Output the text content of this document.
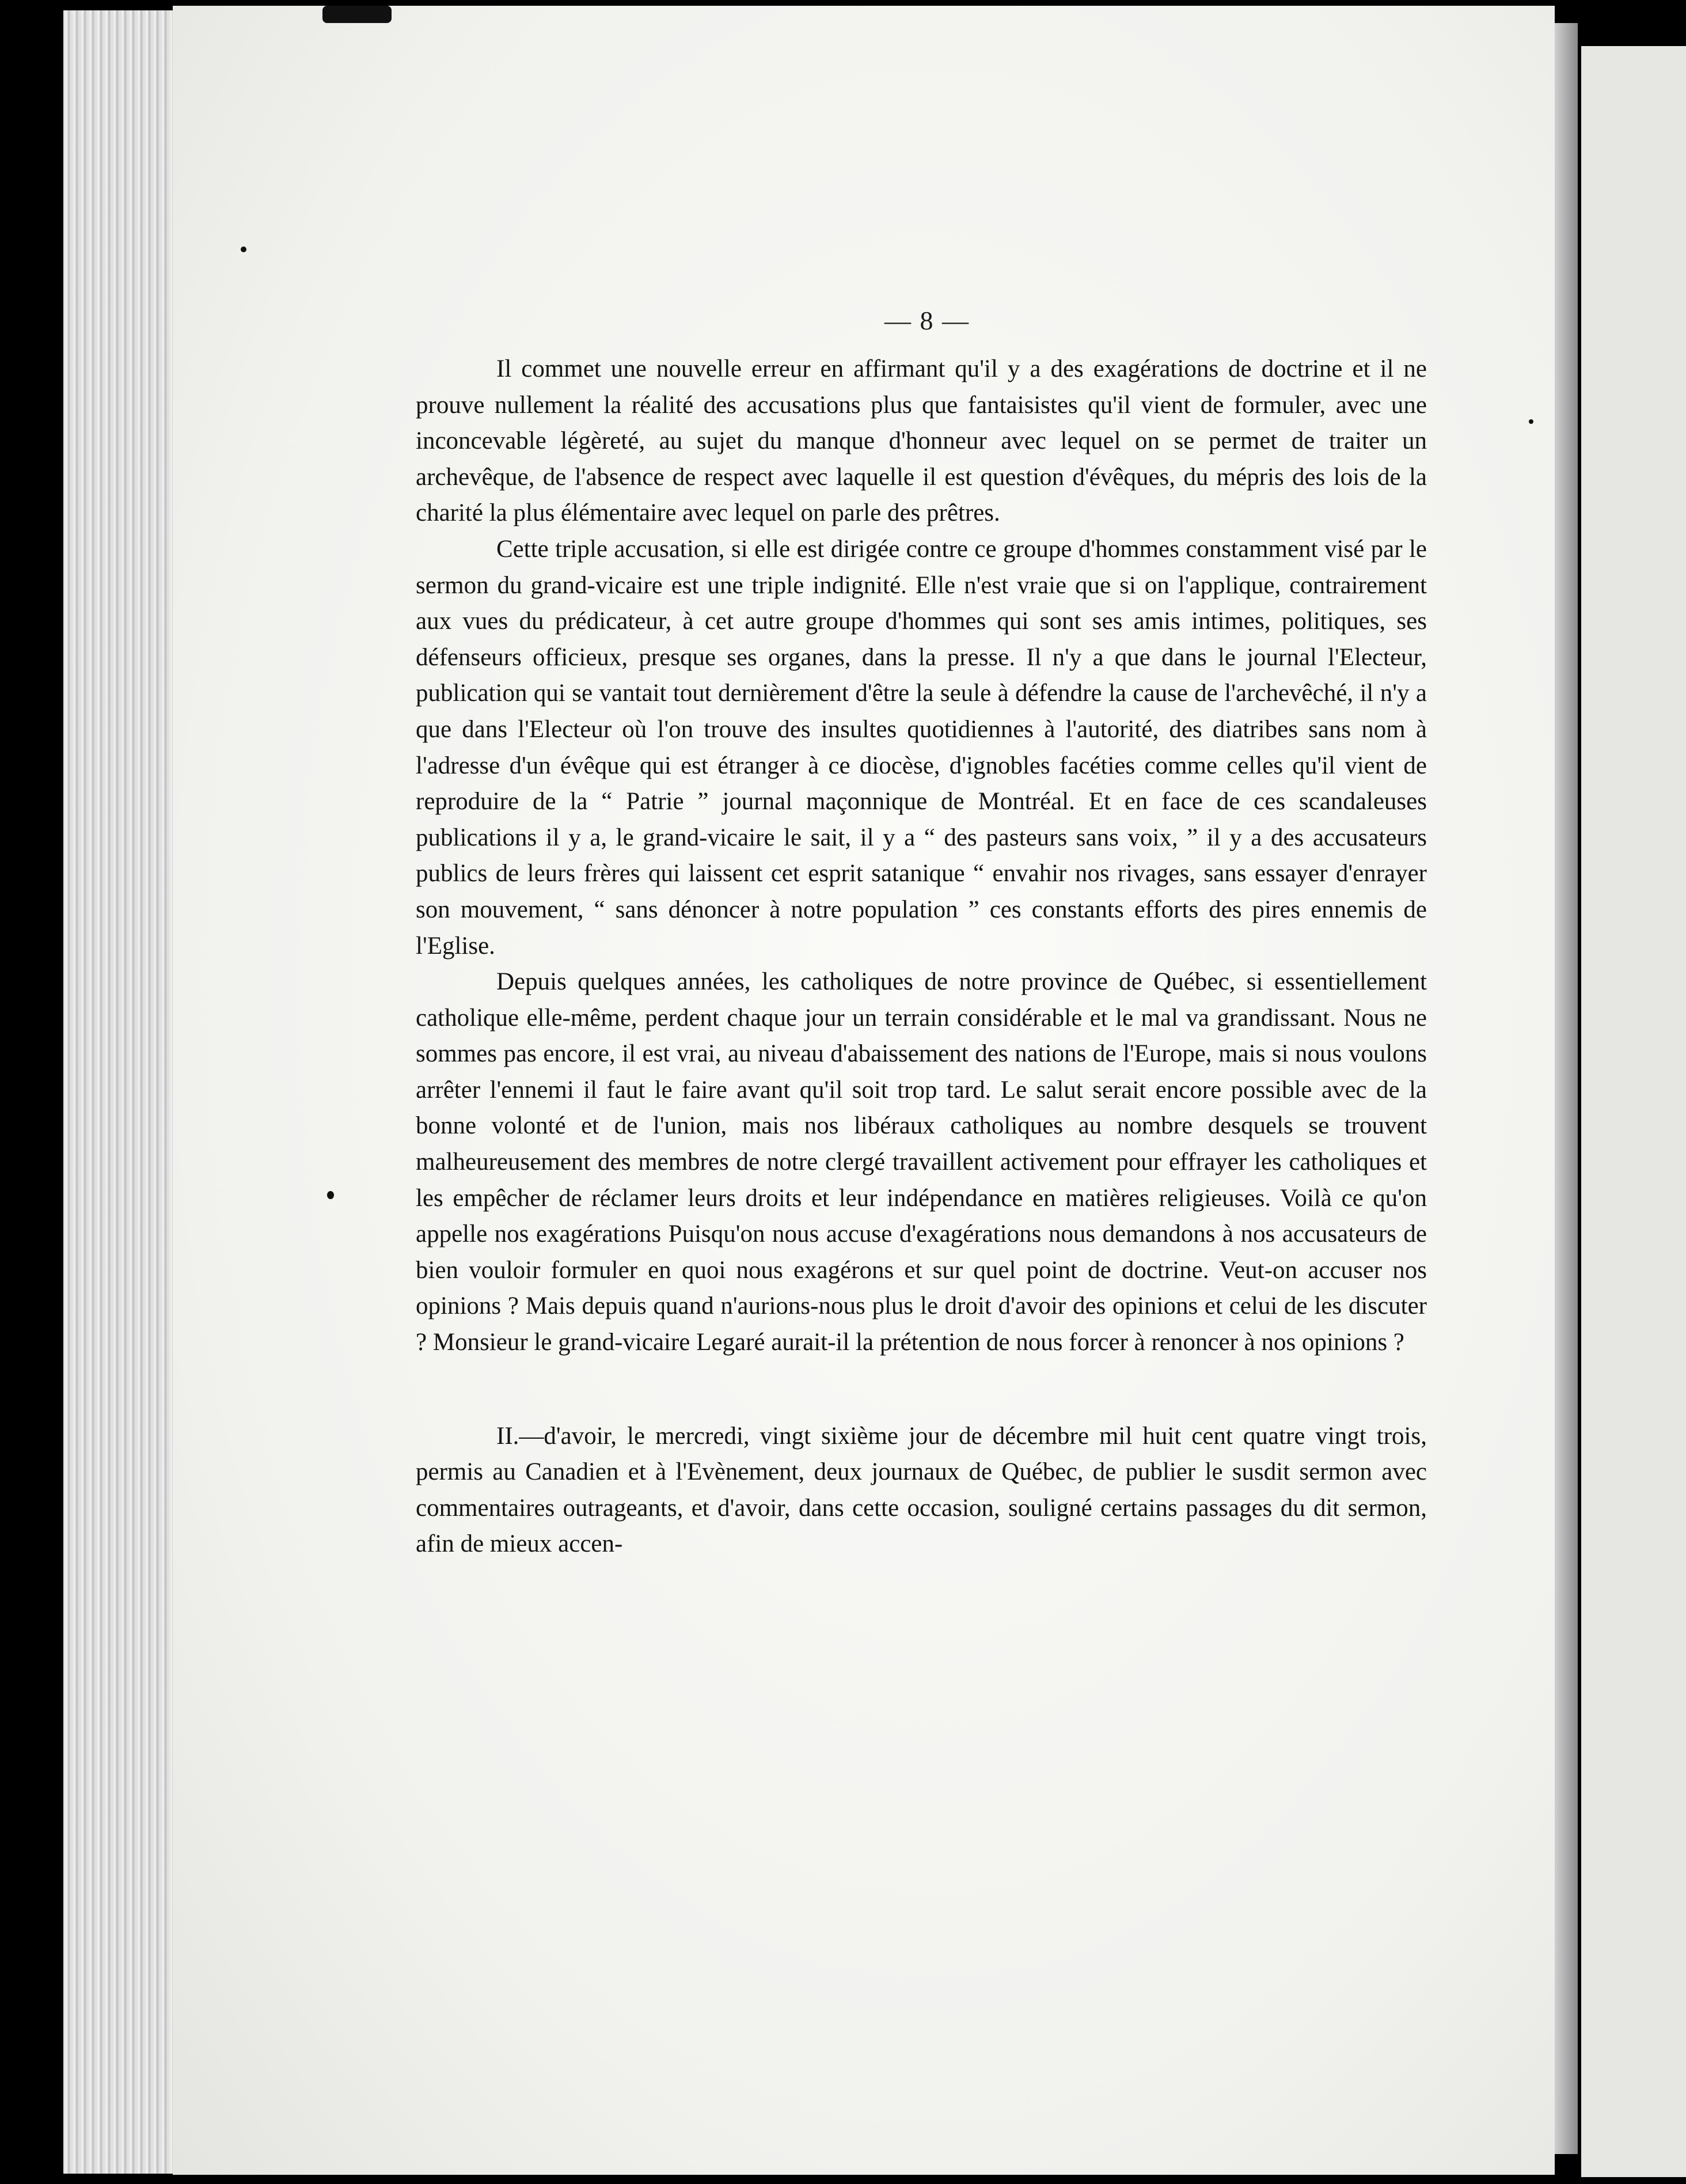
— 8 —

Il commet une nouvelle erreur en affirmant qu'il y a des exagérations de doctrine et il ne prouve nullement la réalité des accusations plus que fantaisistes qu'il vient de formuler, avec une inconcevable légèreté, au sujet du manque d'honneur avec lequel on se permet de traiter un archevêque, de l'absence de respect avec laquelle il est question d'évêques, du mépris des lois de la charité la plus élémentaire avec lequel on parle des prêtres.

Cette triple accusation, si elle est dirigée contre ce groupe d'hommes constamment visé par le sermon du grand-vicaire est une triple indignité. Elle n'est vraie que si on l'applique, contrairement aux vues du prédicateur, à cet autre groupe d'hommes qui sont ses amis intimes, politiques, ses défenseurs officieux, presque ses organes, dans la presse. Il n'y a que dans le journal l'Electeur, publication qui se vantait tout dernièrement d'être la seule à défendre la cause de l'archevêché, il n'y a que dans l'Electeur où l'on trouve des insultes quotidiennes à l'autorité, des diatribes sans nom à l'adresse d'un évêque qui est étranger à ce diocèse, d'ignobles facéties comme celles qu'il vient de reproduire de la “ Patrie ” journal maçonnique de Montréal. Et en face de ces scandaleuses publications il y a, le grand-vicaire le sait, il y a “ des pasteurs sans voix, ” il y a des accusateurs publics de leurs frères qui laissent cet esprit satanique “ envahir nos rivages, sans essayer d'enrayer son mouvement, “ sans dénoncer à notre population ” ces constants efforts des pires ennemis de l'Eglise.

Depuis quelques années, les catholiques de notre province de Québec, si essentiellement catholique elle-même, perdent chaque jour un terrain considérable et le mal va grandissant. Nous ne sommes pas encore, il est vrai, au niveau d'abaissement des nations de l'Europe, mais si nous voulons arrêter l'ennemi il faut le faire avant qu'il soit trop tard. Le salut serait encore possible avec de la bonne volonté et de l'union, mais nos libéraux catholiques au nombre desquels se trouvent malheureusement des membres de notre clergé travaillent activement pour effrayer les catholiques et les empêcher de réclamer leurs droits et leur indépendance en matières religieuses. Voilà ce qu'on appelle nos exagérations Puisqu'on nous accuse d'exagérations nous demandons à nos accusateurs de bien vouloir formuler en quoi nous exagérons et sur quel point de doctrine. Veut-on accuser nos opinions ? Mais depuis quand n'aurions-nous plus le droit d'avoir des opinions et celui de les discuter ? Monsieur le grand-vicaire Legaré aurait-il la prétention de nous forcer à renoncer à nos opinions ?

II.—d'avoir, le mercredi, vingt sixième jour de décembre mil huit cent quatre vingt trois, permis au Canadien et à l'Evènement, deux journaux de Québec, de publier le susdit sermon avec commentaires outrageants, et d'avoir, dans cette occasion, souligné certains passages du dit sermon, afin de mieux accen-
